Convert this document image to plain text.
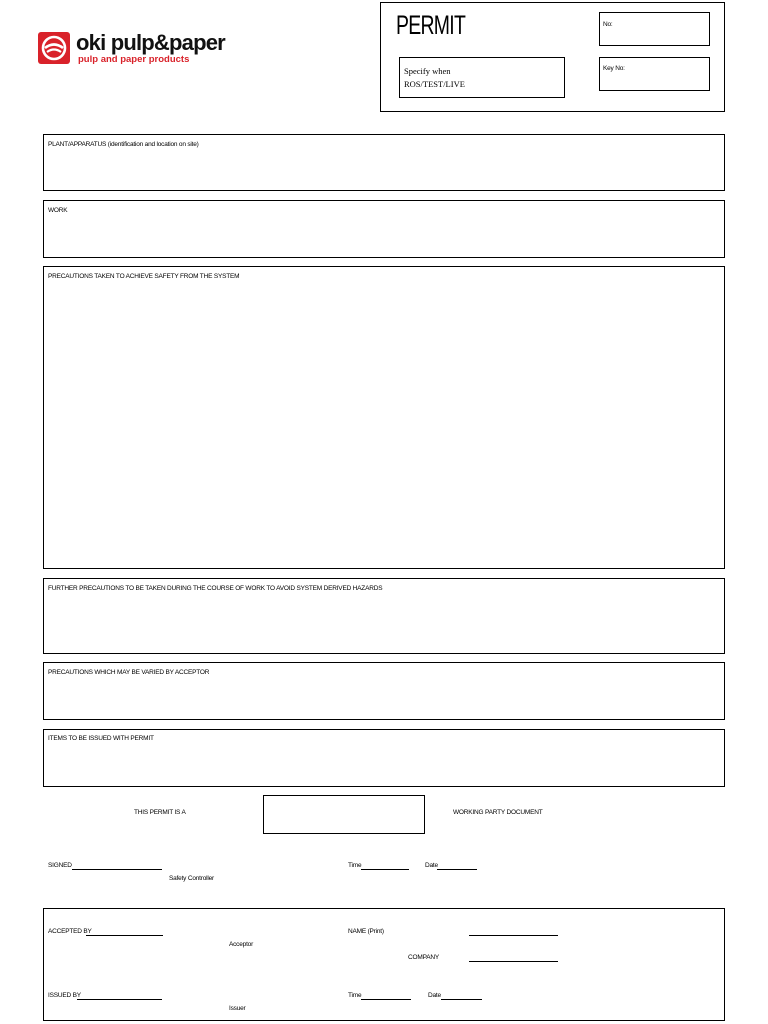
oki pulp&paper
pulp and paper products
PERMIT	No:
Key No:
Specify when
ROS/TEST/LIVE
PLANT/APPARATUS (identification and location on site)
WORK
PRECAUTIONS TAKEN TO ACHIEVE SAFETY FROM THE SYSTEM
FURTHER PRECAUTIONS TO BE TAKEN DURING THE COURSE OF WORK TO AVOID SYSTEM DERIVED HAZARDS
PRECAUTIONS WHICH MAY BE VARIED BY ACCEPTOR
ITEMS TO BE ISSUED WITH PERMIT
THIS PERMIT IS A	WORKING PARTY DOCUMENT
SIGNED
Safety Controller
Time	Date
ACCEPTED BY
Acceptor
NAME (Print)
COMPANY
ISSUED BY
Issuer
Time	Date
